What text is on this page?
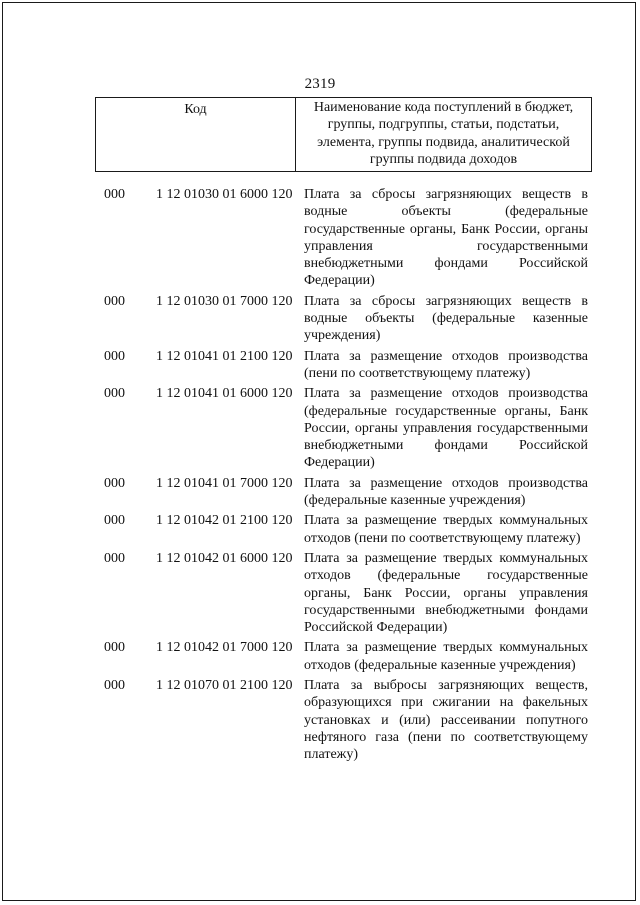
2319
Код	Наименование кода поступлений в бюджет, группы, подгруппы, статьи, подстатьи, элемента, группы подвида, аналитической группы подвида доходов
000	1 12 01030 01 6000 120 Плата за сбросы загрязняющих веществ в водные объекты (федеральные государственные органы, Банк России, органы управления государственными внебюджетными фондами Российской Федерации)
000	1 12 01030 01 7000 120 Плата за сбросы загрязняющих веществ в водные объекты (федеральные казенные учреждения)
000	1 12 01041 01 2100 120 Плата за размещение отходов производства (пени по соответствующему платежу)
000	1 12 01041 01 6000 120 Плата за размещение отходов производства (федеральные государственные органы, Банк России, органы управления государственными внебюджетными фондами Российской Федерации)
000	1 12 01041 01 7000 120 Плата за размещение отходов производства (федеральные казенные учреждения)
000	1 12 01042 01 2100 120 Плата за размещение твердых коммунальных отходов (пени по соответствующему платежу)
000	1 12 01042 01 6000 120 Плата за размещение твердых коммунальных отходов (федеральные государственные органы, Банк России, органы управления государственными внебюджетными фондами Российской Федерации)
000	1 12 01042 01 7000 120 Плата за размещение твердых коммунальных отходов (федеральные казенные учреждения)
000	1 12 01070 01 2100 120 Плата за выбросы загрязняющих веществ, образующихся при сжигании на факельных установках и (или) рассеивании попутного нефтяного газа (пени по соответствующему платежу)
